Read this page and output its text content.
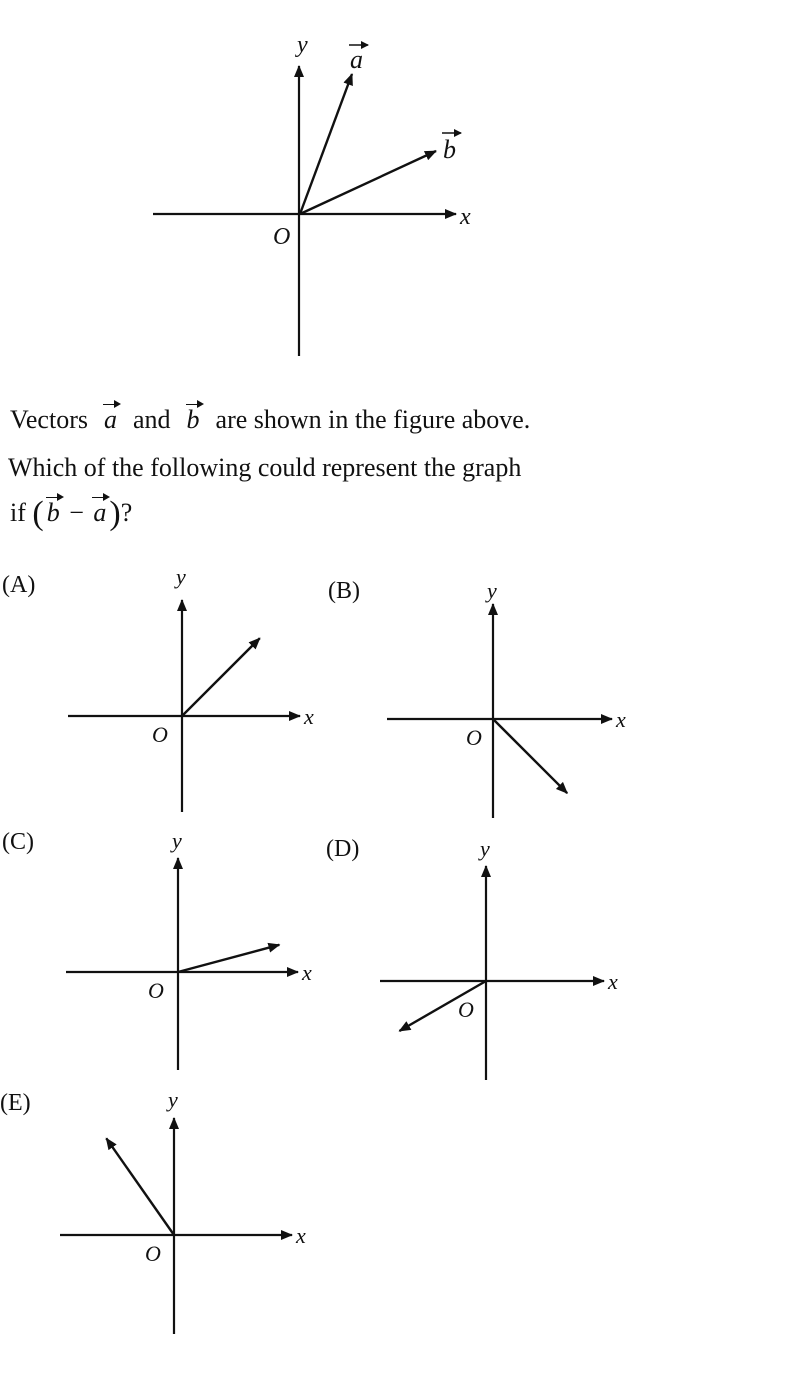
y
x
O
a
b
Vectors a and b are shown in the figure above.
Which of the following could represent the graph
if ( b − a)?
(A)
x
y
O
(B)
x
y
O
(C)
x
y
O
(D)
x
y
O
(E)
x
y
O
